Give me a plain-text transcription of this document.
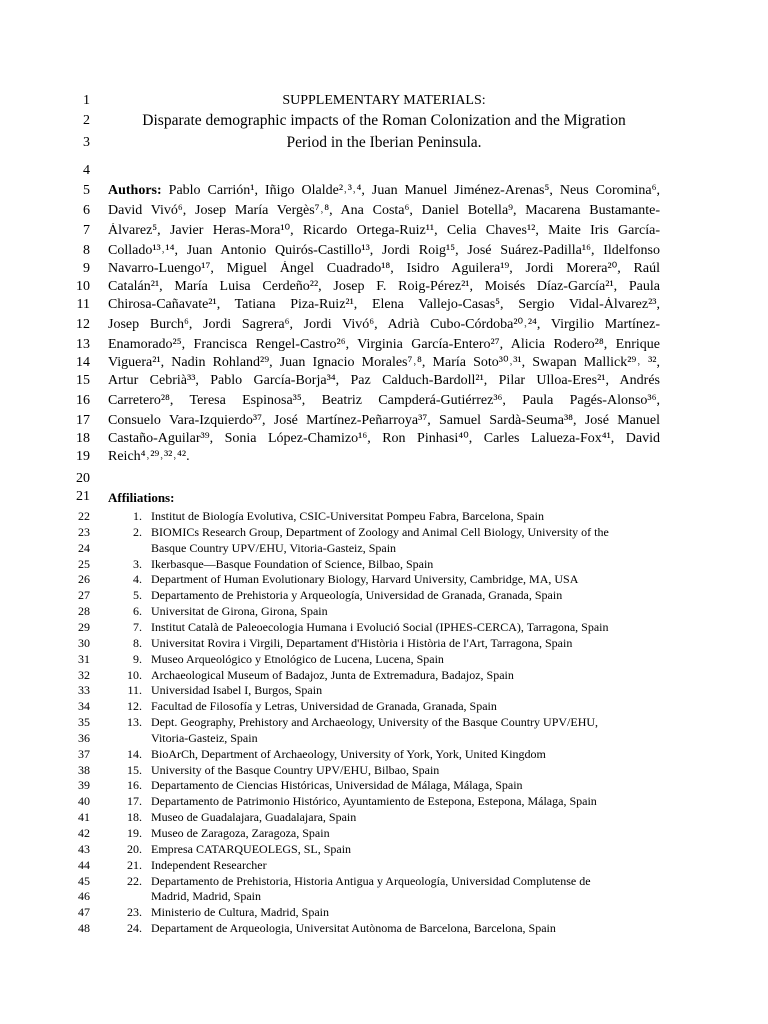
1
2
3
4
5
6
7
8
9
10
11
12
13
14
15
16
17
18
19
20
21
SUPPLEMENTARY MATERIALS:
Disparate demographic impacts of the Roman Colonization and the Migration
Period in the Iberian Peninsula.
Authors: Pablo Carrión¹, Iñigo Olalde²˒³˒⁴, Juan Manuel Jiménez-Arenas⁵, Neus Coromina⁶,
David Vivó⁶, Josep María Vergès⁷˒⁸, Ana Costa⁶, Daniel Botella⁹, Macarena Bustamante-
Álvarez⁵, Javier Heras-Mora¹⁰, Ricardo Ortega-Ruiz¹¹, Celia Chaves¹², Maite Iris García-
Collado¹³˒¹⁴, Juan Antonio Quirós-Castillo¹³, Jordi Roig¹⁵, José Suárez-Padilla¹⁶, Ildelfonso
Navarro-Luengo¹⁷, Miguel Ángel Cuadrado¹⁸, Isidro Aguilera¹⁹, Jordi Morera²⁰, Raúl
Catalán²¹, María Luisa Cerdeño²², Josep F. Roig-Pérez²¹, Moisés Díaz-García²¹, Paula
Chirosa-Cañavate²¹, Tatiana Piza-Ruiz²¹, Elena Vallejo-Casas⁵, Sergio Vidal-Álvarez²³,
Josep Burch⁶, Jordi Sagrera⁶, Jordi Vivó⁶, Adrià Cubo-Córdoba²⁰˒²⁴, Virgilio Martínez-
Enamorado²⁵, Francisca Rengel-Castro²⁶, Virginia García-Entero²⁷, Alicia Rodero²⁸, Enrique
Viguera²¹, Nadin Rohland²⁹, Juan Ignacio Morales⁷˒⁸, María Soto³⁰˒³¹, Swapan Mallick²⁹˒ ³²,
Artur Cebrià³³, Pablo García-Borja³⁴, Paz Calduch-Bardoll²¹, Pilar Ulloa-Eres²¹, Andrés
Carretero²⁸, Teresa Espinosa³⁵, Beatriz Campderá-Gutiérrez³⁶, Paula Pagés-Alonso³⁶,
Consuelo Vara-Izquierdo³⁷, José Martínez-Peñarroya³⁷, Samuel Sardà-Seuma³⁸, José Manuel
Castaño-Aguilar³⁹, Sonia López-Chamizo¹⁶, Ron Pinhasi⁴⁰, Carles Lalueza-Fox⁴¹, David
Reich⁴˒²⁹˒³²˒⁴².
Affiliations:
22	1. Institut de Biología Evolutiva, CSIC-Universitat Pompeu Fabra, Barcelona, Spain
23	2. BIOMICs Research Group, Department of Zoology and Animal Cell Biology, University of the
24	Basque Country UPV/EHU, Vitoria-Gasteiz, Spain
25	3. Ikerbasque—Basque Foundation of Science, Bilbao, Spain
26	4. Department of Human Evolutionary Biology, Harvard University, Cambridge, MA, USA
27	5. Departamento de Prehistoria y Arqueología, Universidad de Granada, Granada, Spain
28	6. Universitat de Girona, Girona, Spain
29	7. Institut Català de Paleoecologia Humana i Evolució Social (IPHES-CERCA), Tarragona, Spain
30	8. Universitat Rovira i Virgili, Departament d'Història i Història de l'Art, Tarragona, Spain
31	9. Museo Arqueológico y Etnológico de Lucena, Lucena, Spain
32	10. Archaeological Museum of Badajoz, Junta de Extremadura, Badajoz, Spain
33	11. Universidad Isabel I, Burgos, Spain
34	12. Facultad de Filosofía y Letras, Universidad de Granada, Granada, Spain
35	13. Dept. Geography, Prehistory and Archaeology, University of the Basque Country UPV/EHU,
36	Vitoria-Gasteiz, Spain
37	14. BioArCh, Department of Archaeology, University of York, York, United Kingdom
38	15. University of the Basque Country UPV/EHU, Bilbao, Spain
39	16. Departamento de Ciencias Históricas, Universidad de Málaga, Málaga, Spain
40	17. Departamento de Patrimonio Histórico, Ayuntamiento de Estepona, Estepona, Málaga, Spain
41	18. Museo de Guadalajara, Guadalajara, Spain
42	19. Museo de Zaragoza, Zaragoza, Spain
43	20. Empresa CATARQUEOLEGS, SL, Spain
44	21. Independent Researcher
45	22. Departamento de Prehistoria, Historia Antigua y Arqueología, Universidad Complutense de
46	Madrid, Madrid, Spain
47	23. Ministerio de Cultura, Madrid, Spain
48	24. Departament de Arqueologia, Universitat Autònoma de Barcelona, Barcelona, Spain
